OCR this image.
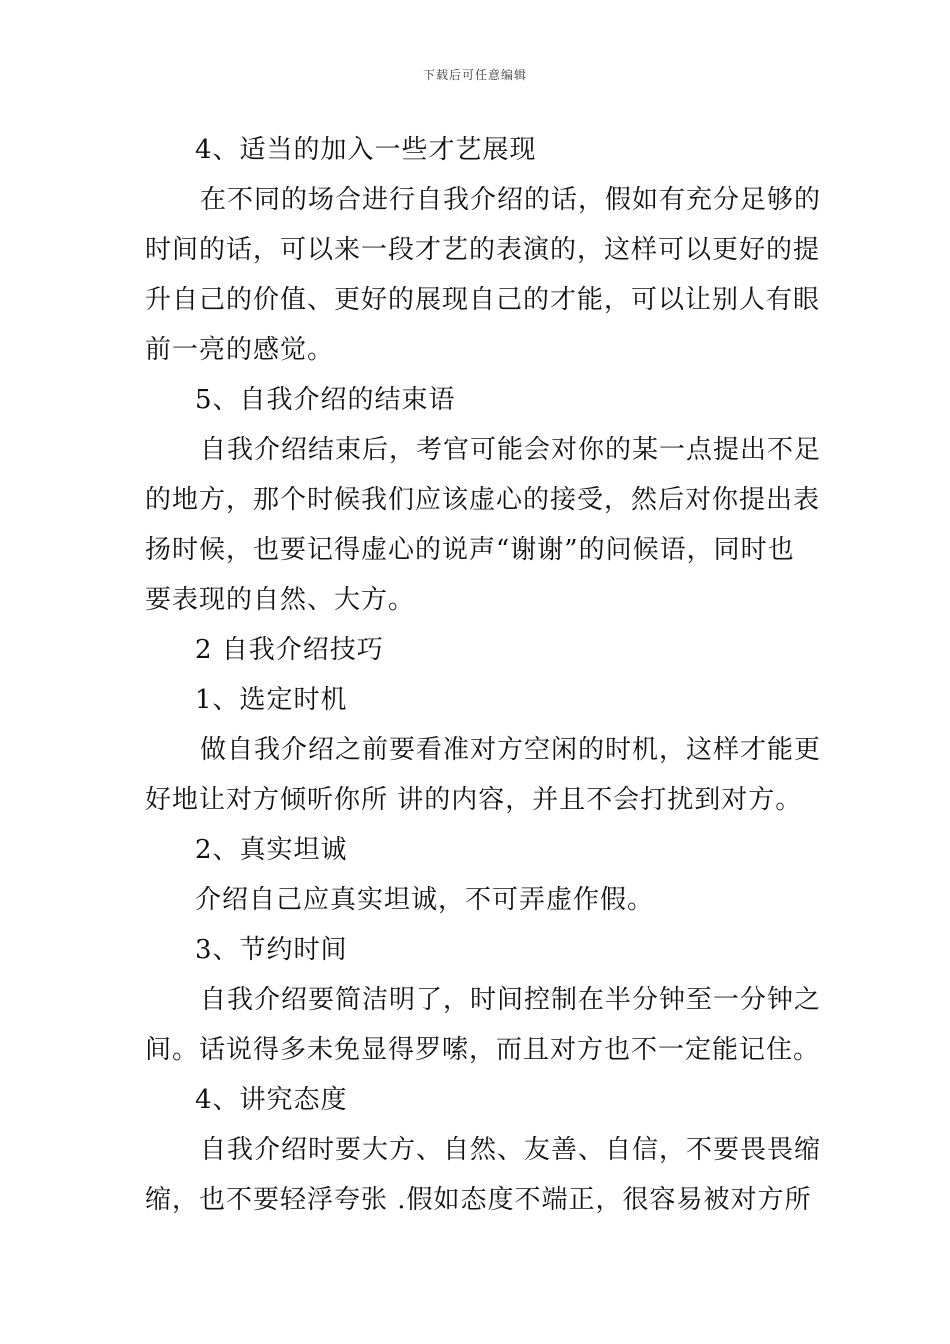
下载后可任意编辑
4、适当的加入一些才艺展现
在不同的场合进行自我介绍的话，假如有充分足够的
时间的话，可以来一段才艺的表演的，这样可以更好的提
升自己的价值、更好的展现自己的才能，可以让别人有眼
前一亮的感觉。
5、自我介绍的结束语
自我介绍结束后，考官可能会对你的某一点提出不足
的地方，那个时候我们应该虚心的接受，然后对你提出表
扬时候，也要记得虚心的说声“谢谢”的问候语，同时也
要表现的自然、大方。
2 自我介绍技巧
1、选定时机
做自我介绍之前要看准对方空闲的时机，这样才能更
好地让对方倾听你所 讲的内容，并且不会打扰到对方。
2、真实坦诚
介绍自己应真实坦诚，不可弄虚作假。
3、节约时间
自我介绍要简洁明了，时间控制在半分钟至一分钟之
间。话说得多未免显得罗嗦，而且对方也不一定能记住。
4、讲究态度
自我介绍时要大方、自然、友善、自信，不要畏畏缩
缩，也不要轻浮夸张 .假如态度不端正，很容易被对方所
